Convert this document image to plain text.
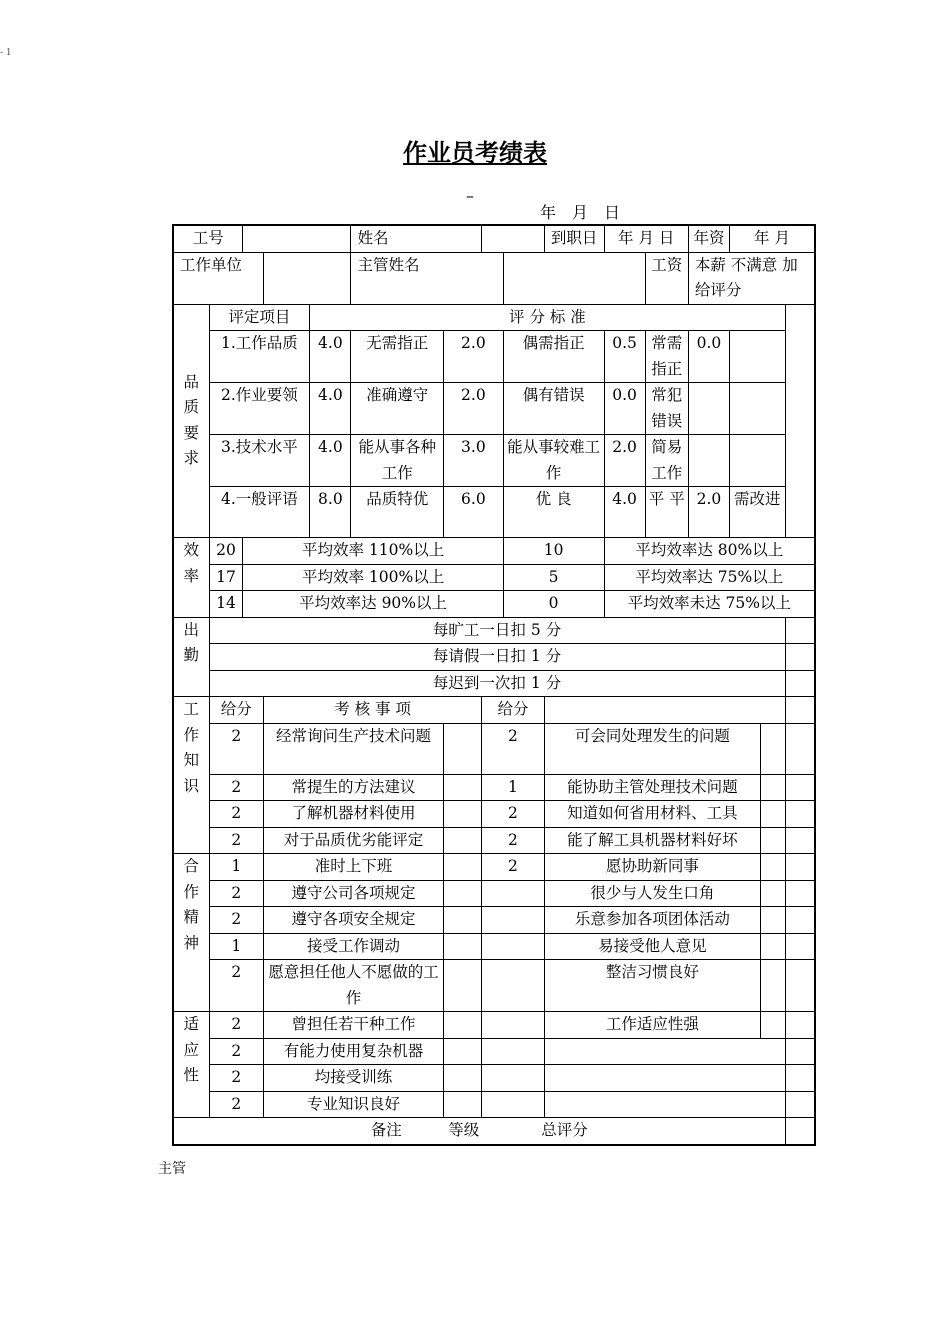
- 1
作业员考绩表
–
年　月　日
工号					姓名				到职日	年 月 日		年资	年 月		
工作单位					主管姓名						工资	本薪 不满意 加给评分			
品质要求	评定项目			评 分 标 准											
	1.工作品质			4.0	无需指正	2.0		偶需指正		0.5	常需指正	0.0			
	2.作业要领			4.0	准确遵守	2.0		偶有错误		0.0	常犯错误				
	3.技术水平			4.0	能从事各种工作	3.0		能从事较难工作		2.0	简易工作				
	4.一般评语			8.0	品质特优	6.0		优 良		4.0	平 平	2.0	需改进		
效率	20	平均效率 110%以上						10		平均效率达 80%以上					
	17	平均效率 100%以上						5		平均效率达 75%以上					
	14	平均效率达 90%以上						0		平均效率未达 75%以上					
出勤	每旷工一日扣 5 分														
	每请假一日扣 1 分														
	每迟到一次扣 1 分														
工作知识	给分		考 核 事 项				给分								
	2		经常询问生产技术问题				2		可会同处理发生的问题						
	2		常提生的方法建议				1		能协助主管处理技术问题						
	2		了解机器材料使用				2		知道如何省用材料、工具						
	2		对于品质优劣能评定				2		能了解工具机器材料好坏						
合作精神	1		准时上下班				2		愿协助新同事						
	2		遵守公司各项规定						很少与人发生口角						
	2		遵守各项安全规定						乐意参加各项团体活动						
	1		接受工作调动						易接受他人意见						
	2		愿意担任他人不愿做的工作						整洁习惯良好						
适应性	2		曾担任若干种工作						工作适应性强						
	2		有能力使用复杂机器												
	2		均接受训练												
	2		专业知识良好												
备注　　　等级　　　　总评分															
主管
